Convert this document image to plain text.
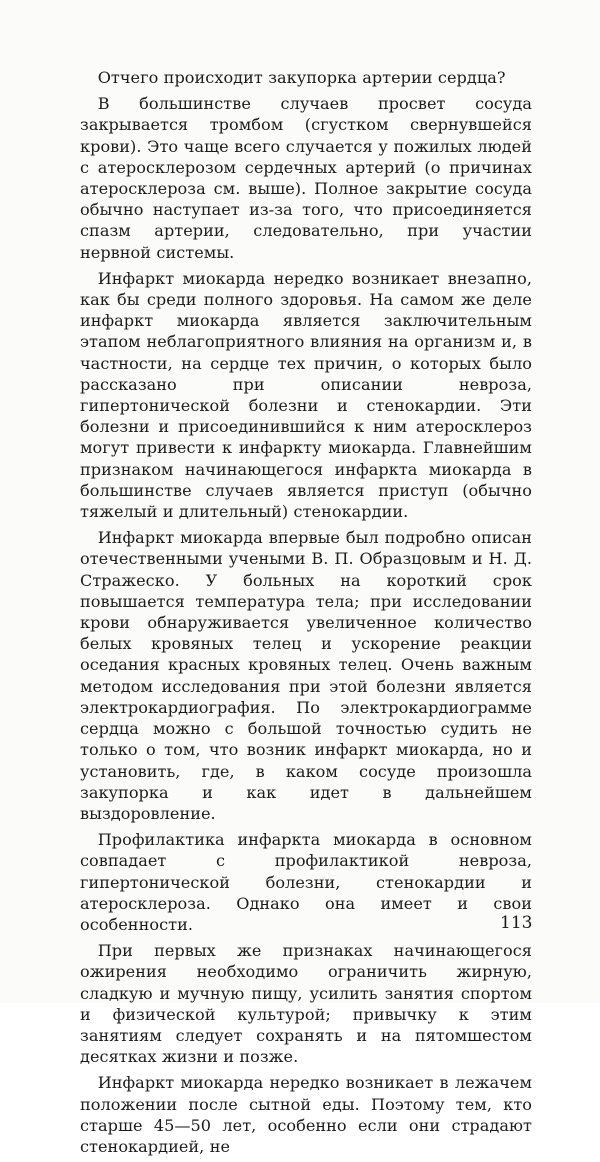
Отчего происходит закупорка артерии сердца?

В большинстве случаев просвет сосуда закрывается тромбом (сгустком свернувшейся крови). Это чаще всего случается у пожилых людей с атеросклерозом сердечных артерий (о причинах атеросклероза см. выше). Полное закрытие сосуда обычно наступает из-за того, что присоединяется спазм артерии, следовательно, при участии нервной системы.

Инфаркт миокарда нередко возникает внезапно, как бы среди полного здоровья. На самом же деле инфаркт миокарда является заключительным этапом неблагоприятного влияния на организм и, в частности, на сердце тех причин, о которых было рассказано при описании невроза, гипертонической болезни и стенокардии. Эти болезни и присоединившийся к ним атеросклероз могут привести к инфаркту миокарда. Главнейшим признаком начинающегося инфаркта миокарда в большинстве случаев является приступ (обычно тяжелый и длительный) стенокардии.

Инфаркт миокарда впервые был подробно описан отечественными учеными В. П. Образцовым и Н. Д. Стражеско. У больных на короткий срок повышается температура тела; при исследовании крови обнаруживается увеличенное количество белых кровяных телец и ускорение реакции оседания красных кровяных телец. Очень важным методом исследования при этой болезни является электрокардиография. По электрокардиограмме сердца можно с большой точностью судить не только о том, что возник инфаркт миокарда, но и установить, где, в каком сосуде произошла закупорка и как идет в дальнейшем выздоровление.

Профилактика инфаркта миокарда в основном совпадает с профилактикой невроза, гипертонической болезни, стенокардии и атеросклероза. Однако она имеет и свои особенности.

При первых же признаках начинающегося ожирения необходимо ограничить жирную, сладкую и мучную пищу, усилить занятия спортом и физической культурой; привычку к этим занятиям следует сохранять и на пятомшестом десятках жизни и позже.

Инфаркт миокарда нередко возникает в лежачем положении после сытной еды. Поэтому тем, кто старше 45—50 лет, особенно если они страдают стенокардией, не

113
